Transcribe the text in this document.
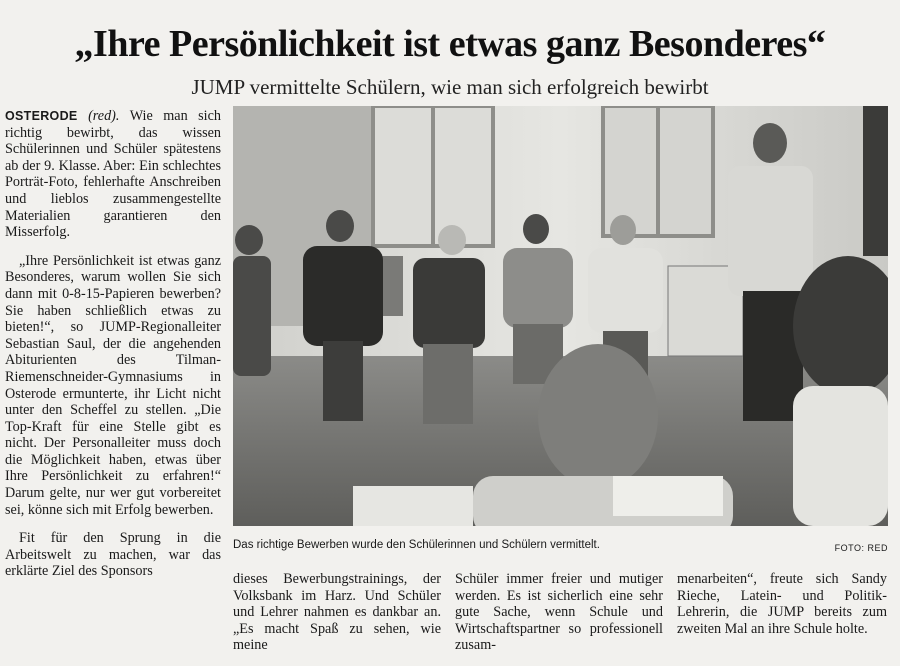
„Ihre Persönlichkeit ist etwas ganz Besonderes“
JUMP vermittelte Schülern, wie man sich erfolgreich bewirbt

OSTERODE (red). Wie man sich richtig bewirbt, das wissen Schülerinnen und Schüler spätestens ab der 9. Klasse. Aber: Ein schlechtes Porträt-Foto, fehlerhafte Anschreiben und lieblos zusammengestellte Materialien garantieren den Misserfolg.

„Ihre Persönlichkeit ist etwas ganz Besonderes, warum wollen Sie sich dann mit 0-8-15-Papieren bewerben? Sie haben schließlich etwas zu bieten!“, so JUMP-Regionalleiter Sebastian Saul, der die angehenden Abiturienten des Tilman-Riemenschneider-Gymnasiums in Osterode ermunterte, ihr Licht nicht unter den Scheffel zu stellen. „Die Top-Kraft für eine Stelle gibt es nicht. Der Personalleiter muss doch die Möglichkeit haben, etwas über Ihre Persönlichkeit zu erfahren!“ Darum gelte, nur wer gut vorbereitet sei, könne sich mit Erfolg bewerben.

Fit für den Sprung in die Arbeitswelt zu machen, war das erklärte Ziel des Sponsors

Das richtige Bewerben wurde den Schülerinnen und Schülern vermittelt.	FOTO: RED
dieses Bewerbungstrainings, der Volksbank im Harz. Und Schüler und Lehrer nahmen es dankbar an. „Es macht Spaß zu sehen, wie meine
Schüler immer freier und mutiger werden. Es ist sicherlich eine sehr gute Sache, wenn Schule und Wirtschaftspartner so professionell zusam-
menarbeiten“, freute sich Sandy Rieche, Latein- und Politik-Lehrerin, die JUMP bereits zum zweiten Mal an ihre Schule holte.
